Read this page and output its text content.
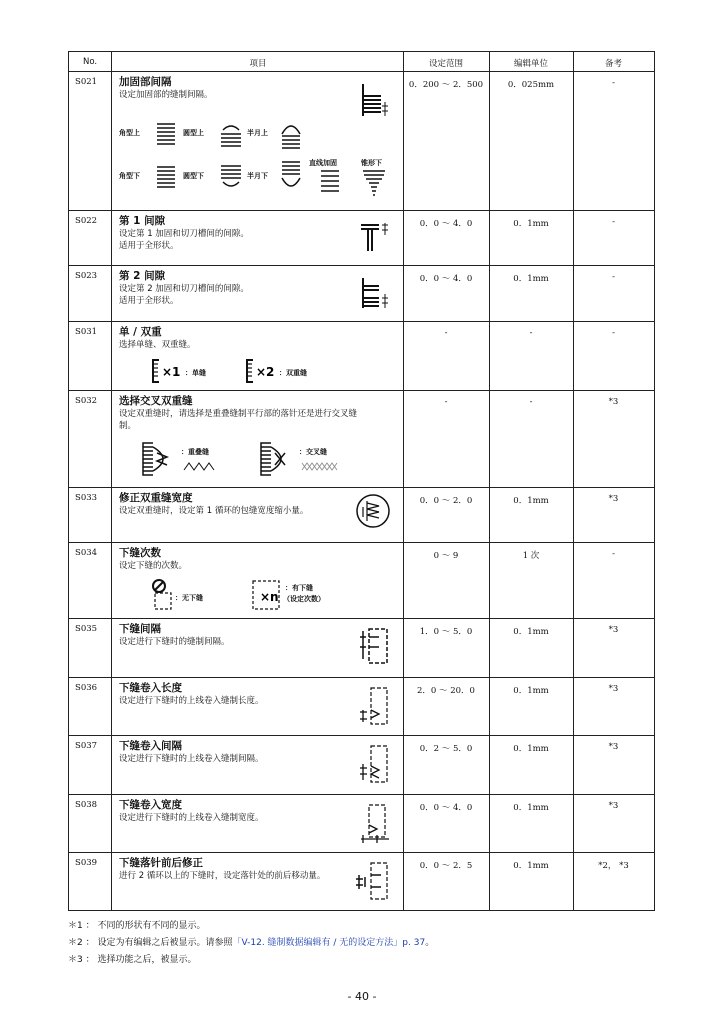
No.	项目	设定范围	编辑单位	备考
S021	加固部间隔
设定加固部的缝制间隔。
角型上	圆型上	半月上
角型下	圆型下	半月下
直线加固	锥形下
0．200 ～ 2．500	0．025mm	-
S022	第 1 间隙
设定第 1 加固和切刀槽间的间隙。
适用于全形状。
0．0 ～ 4．0	0．1mm	-
S023	第 2 间隙
设定第 2 加固和切刀槽间的间隙。
适用于全形状。
0．0 ～ 4．0	0．1mm	-
S031	单 / 双重
选择单缝、双重缝。
×1 ：单缝	×2 ：双重缝
-	-	-
S032	选择交叉双重缝
设定双重缝时，请选择是重叠缝制平行部的落针还是进行交叉缝
制。
：重叠缝	：交叉缝
-	-	*3
S033	修正双重缝宽度
设定双重缝时，设定第 1 循环的包缝宽度缩小量。
0．0 ～ 2．0	0．1mm	*3
S034	下缝次数
设定下缝的次数。
：无下缝	×n
：有下缝
（设定次数）
0 ～ 9	1 次	-
S035	下缝间隔
设定进行下缝时的缝制间隔。
1．0 ～ 5．0	0．1mm	*3
S036	下缝卷入长度
设定进行下缝时的上线卷入缝制长度。
2．0 ～ 20．0	0．1mm	*3
S037	下缝卷入间隔
设定进行下缝时的上线卷入缝制间隔。
0．2 ～ 5．0	0．1mm	*3
S038	下缝卷入宽度
设定进行下缝时的上线卷入缝制宽度。
0．0 ～ 4．0	0．1mm	*3
S039	下缝落针前后修正
进行 2 循环以上的下缝时，设定落针处的前后移动量。
0．0 ～ 2．5	0．1mm	*2， *3
＊1 ： 不同的形状有不同的显示。
＊2 ： 设定为有编辑之后被显示。请参照「V-12. 缝制数据编辑有 / 无的设定方法」p. 37。
＊3 ： 选择功能之后，被显示。
- 40 -
